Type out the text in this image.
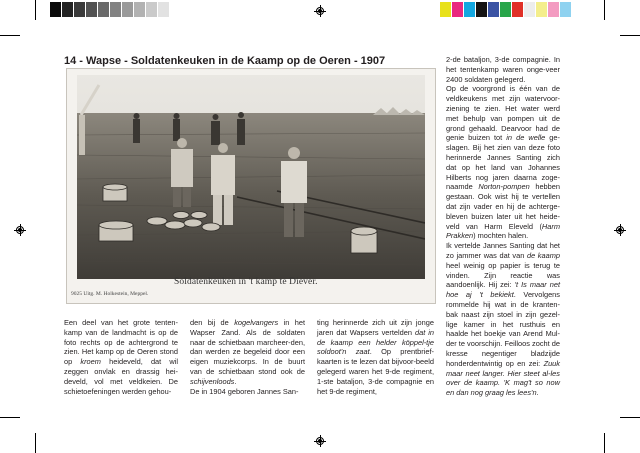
14 - Wapse - Soldatenkeuken in de Kaamp op de Oeren - 1907
Soldatenkeuken in 't kamp te Diever.
9025 Uitg. M. Holkestein, Meppel.

Een deel van het grote tenten-kamp van de landmacht is op de foto rechts op de achtergrond te zien. Het kamp op de Oeren stond op kroem heideveld, dat wil zeggen onvlak en drassig hei-develd, vol met veldkeien. De schietoefeningen werden gehou-

den bij de kogelvangers in het Wapser Zand. Als de soldaten naar de schietbaan marcheer-den, dan werden ze begeleid door een eigen muziekcorps. In de buurt van de schietbaan stond ook de schijvenloods.

De in 1904 geboren Jannes San-

ting herinnerde zich uit zijn jonge jaren dat Wapsers vertelden dat in de kaamp een helder köppel-tje soldoot'n zaat. Op prentbrief-kaarten is te lezen dat bijvoor-beeld gelegerd waren het 9-de regiment, 1-ste bataljon, 3-de compagnie en het 9-de regiment,

2-de bataljon, 3-de compagnie. In het tentenkamp waren onge-veer 2400 soldaten gelegerd.

Op de voorgrond is één van de veldkeukens met zijn watervoor-ziening te zien. Het water werd met behulp van pompen uit de grond gehaald. Dearvoor had de genie buizen tot in de welle ge-slagen. Bij het zien van deze foto herinnerde Jannes Santing zich dat op het land van Johannes Hilberts nog jaren daarna zoge-naamde Norton-pompen hebben gestaan. Ook wist hij te vertellen dat zijn vader en hij de achterge-bleven buizen later uit het heide-veld van Harm Eleveld (Harm Prakken) mochten halen.

Ik vertelde Jannes Santing dat het zo jammer was dat van de kaamp heel weinig op papier is terug te vinden. Zijn reactie was aandoenlijk. Hij zei: 't Is maar net hoe aj 't bekiekt. Vervolgens rommelde hij wat in de kranten-bak naast zijn stoel in zijn gezel-lige kamer in het rusthuis en haalde het boekje van Arend Mul-der te voorschijn. Feilloos zocht de kresse negentiger bladzijde honderdentwintig op en zei: Zuuk maar neet langer. Hier steet al-les over de kaamp. 'K mag't so now en dan nog graag les lees'n.
